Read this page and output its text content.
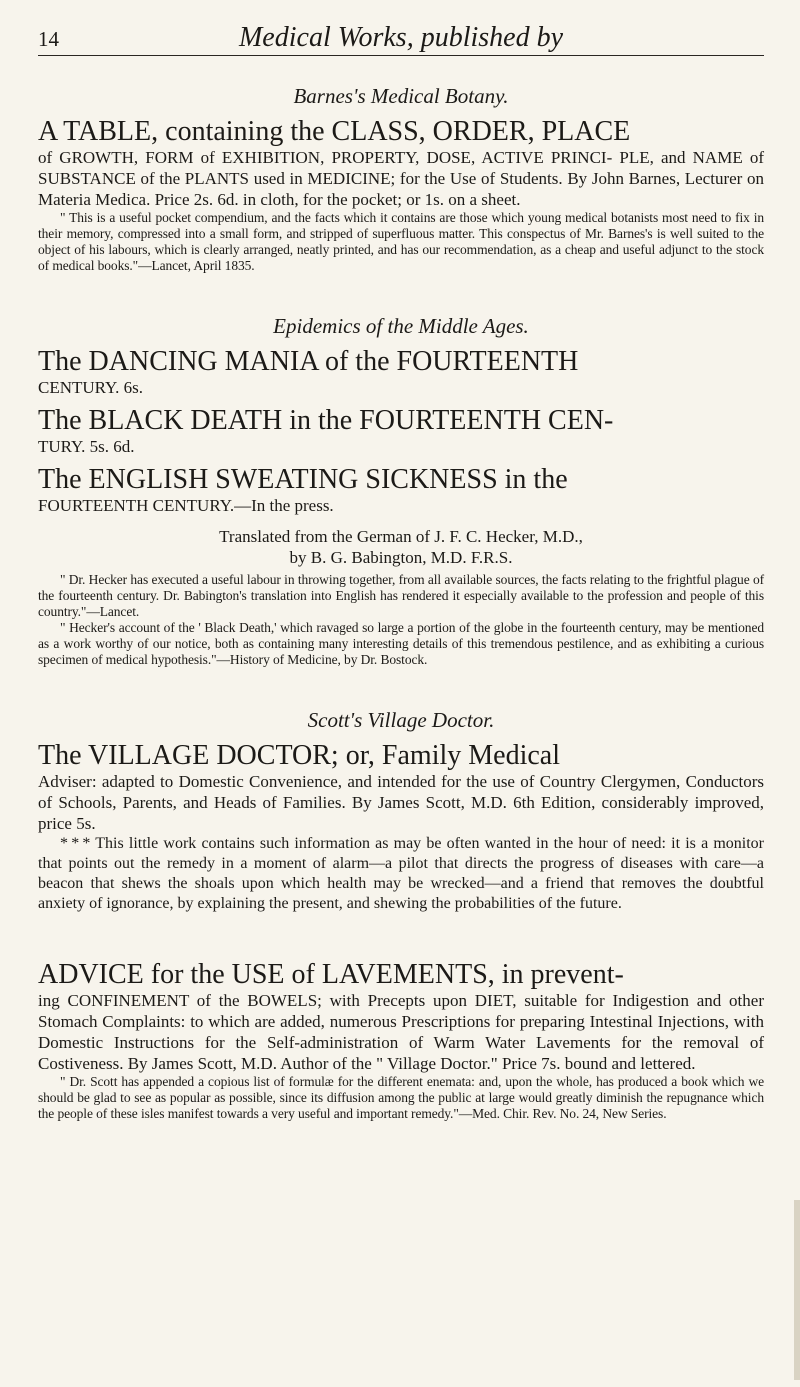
14	Medical Works, published by

Barnes's Medical Botany.

A TABLE, containing the CLASS, ORDER, PLACE

of GROWTH, FORM of EXHIBITION, PROPERTY, DOSE, ACTIVE PRINCI- PLE, and NAME of SUBSTANCE of the PLANTS used in MEDICINE; for the Use of Students. By John Barnes, Lecturer on Materia Medica. Price 2s. 6d. in cloth, for the pocket; or 1s. on a sheet.

" This is a useful pocket compendium, and the facts which it contains are those which young medical botanists most need to fix in their memory, compressed into a small form, and stripped of superfluous matter. This conspectus of Mr. Barnes's is well suited to the object of his labours, which is clearly arranged, neatly printed, and has our recommendation, as a cheap and useful adjunct to the stock of medical books."—Lancet, April 1835.

Epidemics of the Middle Ages.

The DANCING MANIA of the FOURTEENTH

CENTURY. 6s.

The BLACK DEATH in the FOURTEENTH CEN-

TURY. 5s. 6d.

The ENGLISH SWEATING SICKNESS in the

FOURTEENTH CENTURY.—In the press.

Translated from the German of J. F. C. Hecker, M.D.,

by B. G. Babington, M.D. F.R.S.

" Dr. Hecker has executed a useful labour in throwing together, from all available sources, the facts relating to the frightful plague of the fourteenth century. Dr. Babington's translation into English has rendered it especially available to the profession and people of this country."—Lancet.

" Hecker's account of the ' Black Death,' which ravaged so large a portion of the globe in the fourteenth century, may be mentioned as a work worthy of our notice, both as containing many interesting details of this tremendous pestilence, and as exhibiting a curious specimen of medical hypothesis."—History of Medicine, by Dr. Bostock.

Scott's Village Doctor.

The VILLAGE DOCTOR; or, Family Medical

Adviser: adapted to Domestic Convenience, and intended for the use of Country Clergymen, Conductors of Schools, Parents, and Heads of Families. By James Scott, M.D. 6th Edition, considerably improved, price 5s.

* * * This little work contains such information as may be often wanted in the hour of need: it is a monitor that points out the remedy in a moment of alarm—a pilot that directs the progress of diseases with care—a beacon that shews the shoals upon which health may be wrecked—and a friend that removes the doubtful anxiety of ignorance, by explaining the present, and shewing the probabilities of the future.

ADVICE for the USE of LAVEMENTS, in prevent-

ing CONFINEMENT of the BOWELS; with Precepts upon DIET, suitable for Indigestion and other Stomach Complaints: to which are added, numerous Prescriptions for preparing Intestinal Injections, with Domestic Instructions for the Self-administration of Warm Water Lavements for the removal of Costiveness. By James Scott, M.D. Author of the " Village Doctor." Price 7s. bound and lettered.

" Dr. Scott has appended a copious list of formulæ for the different enemata: and, upon the whole, has produced a book which we should be glad to see as popular as possible, since its diffusion among the public at large would greatly diminish the repugnance which the people of these isles manifest towards a very useful and important remedy."—Med. Chir. Rev. No. 24, New Series.
